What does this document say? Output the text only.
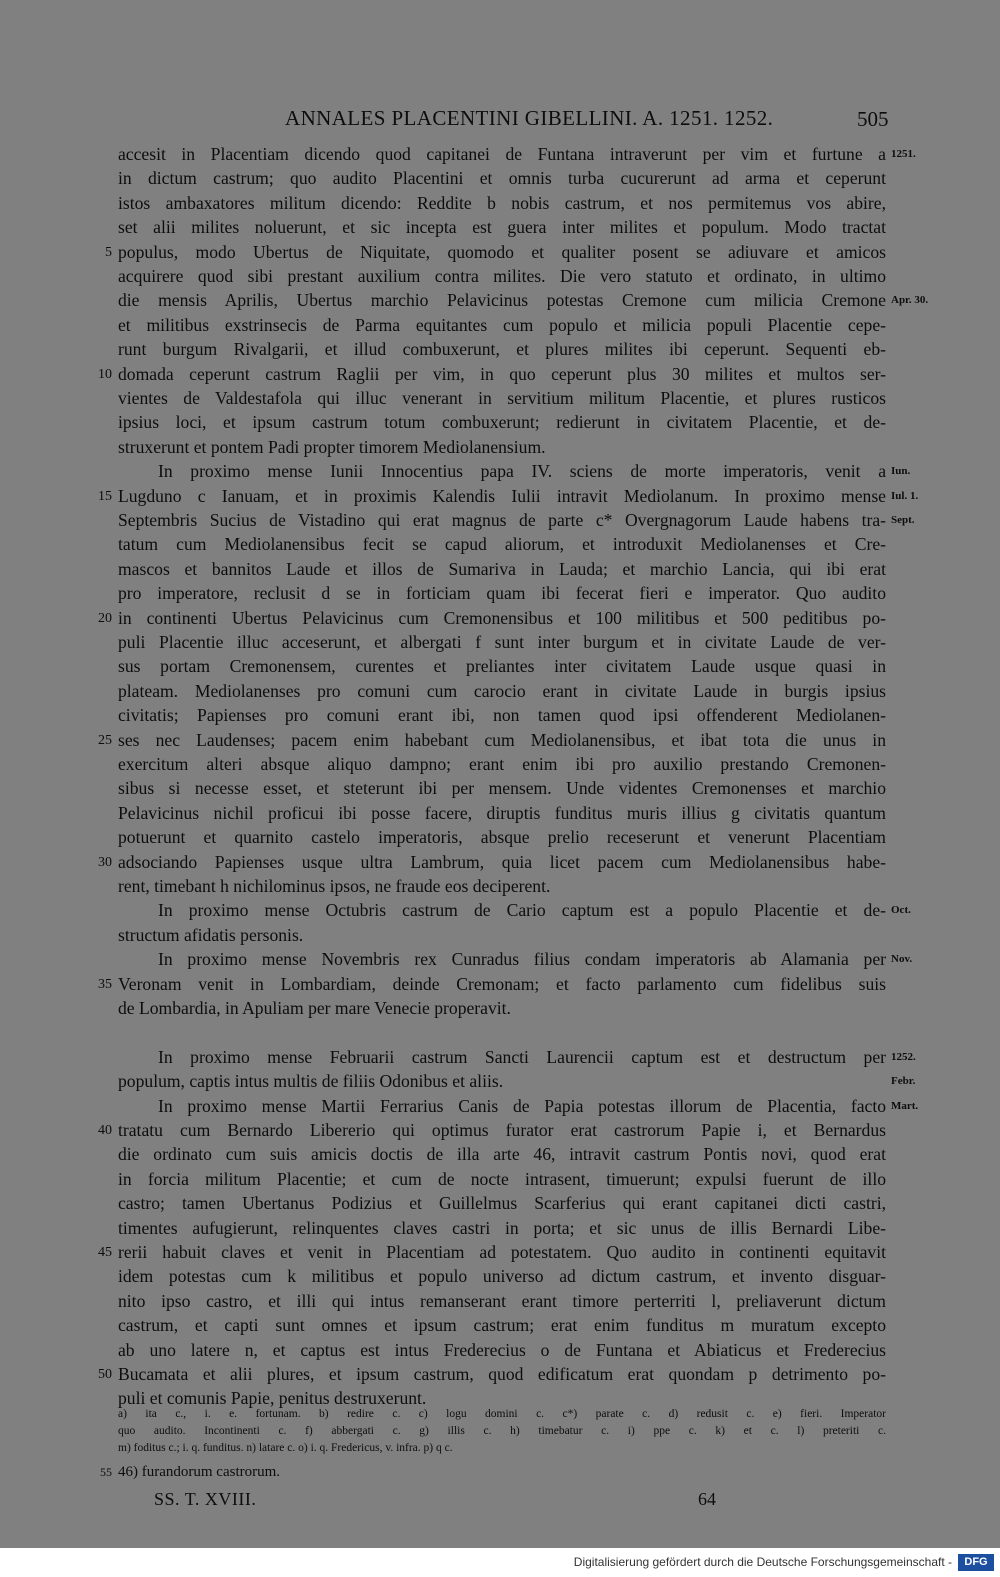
ANNALES PLACENTINI GIBELLINI. A. 1251. 1252.	505
accesit in Placentiam dicendo quod capitanei de Funtana intraverunt per vim et furtune a 1251.
in dictum castrum; quo audito Placentini et omnis turba cucurerunt ad arma et ceperunt
istos ambaxatores militum dicendo: Reddite b nobis castrum, et nos permitemus vos abire,
set alii milites noluerunt, et sic incepta est guera inter milites et populum. Modo tractat
5 populus, modo Ubertus de Niquitate, quomodo et qualiter posent se adiuvare et amicos
acquirere quod sibi prestant auxilium contra milites. Die vero statuto et ordinato, in ultimo
die mensis Aprilis, Ubertus marchio Pelavicinus potestas Cremone cum milicia Cremone Apr. 30.
et militibus exstrinsecis de Parma equitantes cum populo et milicia populi Placentie cepe-
runt burgum Rivalgarii, et illud combuxerunt, et plures milites ibi ceperunt. Sequenti eb-
10 domada ceperunt castrum Raglii per vim, in quo ceperunt plus 30 milites et multos ser-
vientes de Valdestafola qui illuc venerant in servitium militum Placentie, et plures rusticos
ipsius loci, et ipsum castrum totum combuxerunt; redierunt in civitatem Placentie, et de-
struxerunt et pontem Padi propter timorem Mediolanensium.
In proximo mense Iunii Innocentius papa IV. sciens de morte imperatoris, venit a Iun.
15 Lugduno c Ianuam, et in proximis Kalendis Iulii intravit Mediolanum. In proximo mense Iul. 1.
Septembris Sucius de Vistadino qui erat magnus de parte c* Overgnagorum Laude habens tra- Sept.
tatum cum Mediolanensibus fecit se capud aliorum, et introduxit Mediolanenses et Cre-
mascos et bannitos Laude et illos de Sumariva in Lauda; et marchio Lancia, qui ibi erat
pro imperatore, reclusit d se in forticiam quam ibi fecerat fieri e imperator. Quo audito
20 in continenti Ubertus Pelavicinus cum Cremonensibus et 100 militibus et 500 peditibus po-
puli Placentie illuc acceserunt, et albergati f sunt inter burgum et in civitate Laude de ver-
sus portam Cremonensem, curentes et preliantes inter civitatem Laude usque quasi in
plateam. Mediolanenses pro comuni cum carocio erant in civitate Laude in burgis ipsius
civitatis; Papienses pro comuni erant ibi, non tamen quod ipsi offenderent Mediolanen-
25 ses nec Laudenses; pacem enim habebant cum Mediolanensibus, et ibat tota die unus in
exercitum alteri absque aliquo dampno; erant enim ibi pro auxilio prestando Cremonen-
sibus si necesse esset, et steterunt ibi per mensem. Unde videntes Cremonenses et marchio
Pelavicinus nichil proficui ibi posse facere, diruptis funditus muris illius g civitatis quantum
potuerunt et quarnito castelo imperatoris, absque prelio receserunt et venerunt Placentiam
30 adsociando Papienses usque ultra Lambrum, quia licet pacem cum Mediolanensibus habe-
rent, timebant h nichilominus ipsos, ne fraude eos deciperent.
In proximo mense Octubris castrum de Cario captum est a populo Placentie et de- Oct.
structum afidatis personis.
In proximo mense Novembris rex Cunradus filius condam imperatoris ab Alamania per Nov.
35 Veronam venit in Lombardiam, deinde Cremonam; et facto parlamento cum fidelibus suis
de Lombardia, in Apuliam per mare Venecie properavit.
In proximo mense Februarii castrum Sancti Laurencii captum est et destructum per 1252.
populum, captis intus multis de filiis Odonibus et aliis.	Febr.
In proximo mense Martii Ferrarius Canis de Papia potestas illorum de Placentia, facto Mart.
40 tratatu cum Bernardo Libererio qui optimus furator erat castrorum Papie i, et Bernardus
die ordinato cum suis amicis doctis de illa arte 46, intravit castrum Pontis novi, quod erat
in forcia militum Placentie; et cum de nocte intrasent, timuerunt; expulsi fuerunt de illo
castro; tamen Ubertanus Podizius et Guillelmus Scarferius qui erant capitanei dicti castri,
timentes aufugierunt, relinquentes claves castri in porta; et sic unus de illis Bernardi Libe-
45 rerii habuit claves et venit in Placentiam ad potestatem. Quo audito in continenti equitavit
idem potestas cum k militibus et populo universo ad dictum castrum, et invento disguar-
nito ipso castro, et illi qui intus remanserant erant timore perterriti l, preliaverunt dictum
castrum, et capti sunt omnes et ipsum castrum; erat enim funditus m muratum excepto
ab uno latere n, et captus est intus Frederecius o de Funtana et Abiaticus et Frederecius
50 Bucamata et alii plures, et ipsum castrum, quod edificatum erat quondam p detrimento po-
puli et comunis Papie, penitus destruxerunt.
a) ita c., i. e. fortunam. b) redire c. c) logu domini c. c*) parate c. d) redusit c. e) fieri. Imperator
quo audito. Incontinenti c. f) abbergati c. g) illis c. h) timebatur c. i) ppe c. k) et c. l) preteriti c.
m) foditus c.; i. q. funditus. n) latare c. o) i. q. Fredericus, v. infra. p) q c.
55 46) furandorum castrorum.
SS. T. XVIII.	64
Digitalisierung gefördert durch die Deutsche Forschungsgemeinschaft -	DFG
